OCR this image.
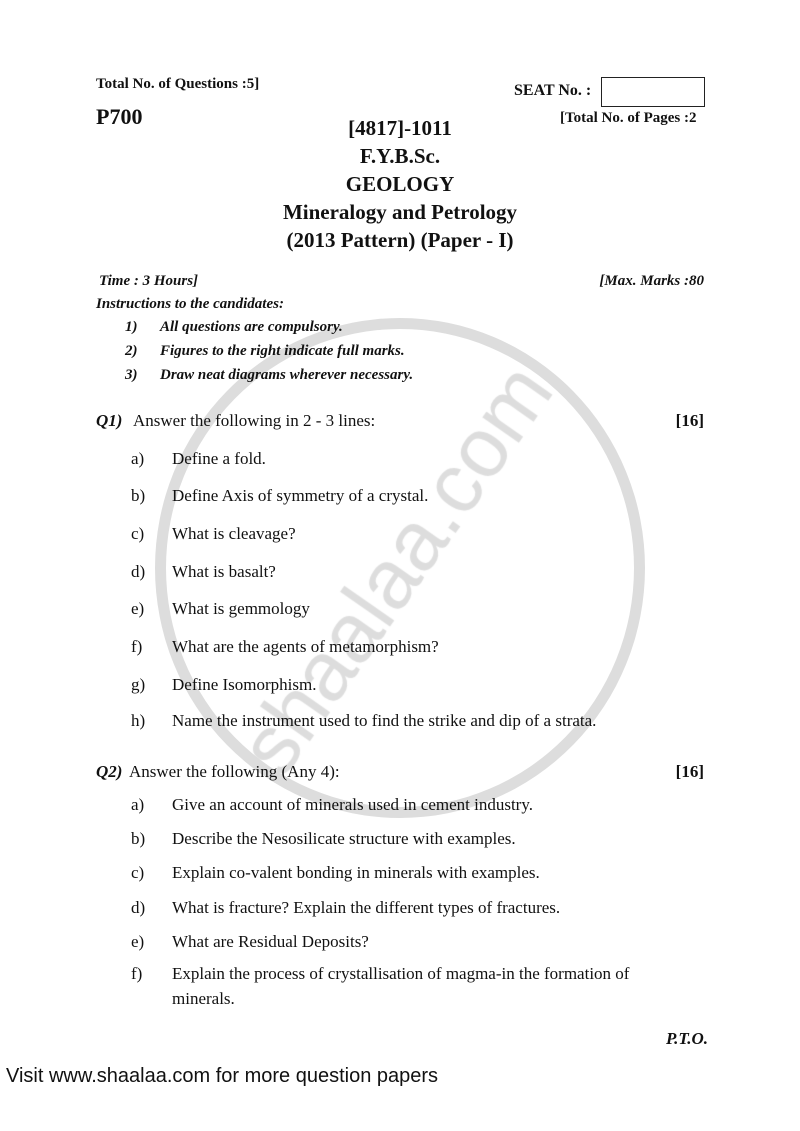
Total No. of Questions :5]	SEAT No. :
P700	[Total No. of Pages :2
[4817]-1011
F.Y.B.Sc.
GEOLOGY
Mineralogy and Petrology
(2013 Pattern) (Paper - I)
Time : 3 Hours]	[Max. Marks :80
Instructions to the candidates:
1) All questions are compulsory.
2) Figures to the right indicate full marks.
3) Draw neat diagrams wherever necessary.
Q1) Answer the following in 2 - 3 lines:	[16]
a) Define a fold.
b) Define Axis of symmetry of a crystal.
c) What is cleavage?
d) What is basalt?
e) What is gemmology
f) What are the agents of metamorphism?
g) Define Isomorphism.
h) Name the instrument used to find the strike and dip of a strata.
Q2) Answer the following (Any 4):	[16]
a) Give an account of minerals used in cement industry.
b) Describe the Nesosilicate structure with examples.
c) Explain co-valent bonding in minerals with examples.
d) What is fracture? Explain the different types of fractures.
e) What are Residual Deposits?
f) Explain the process of crystallisation of magma-in the formation of
minerals.
P.T.O.
Visit www.shaalaa.com for more question papers
